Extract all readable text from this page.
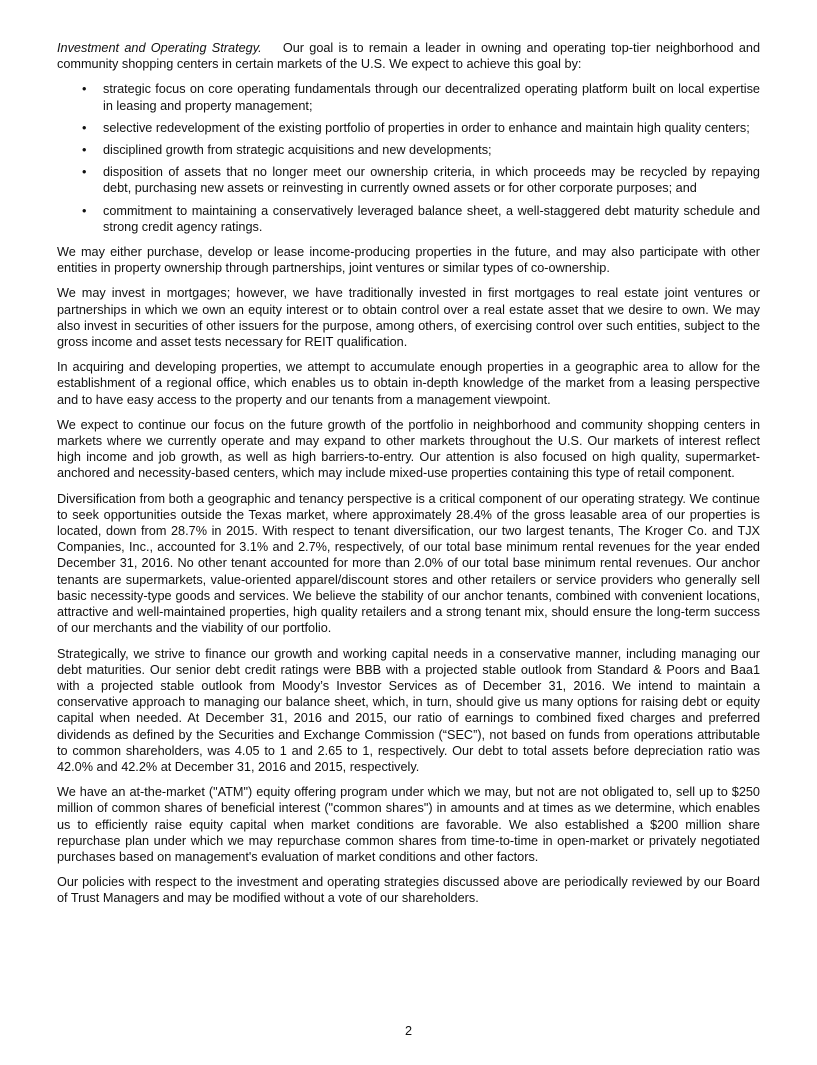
Investment and Operating Strategy. Our goal is to remain a leader in owning and operating top-tier neighborhood and community shopping centers in certain markets of the U.S. We expect to achieve this goal by:

• strategic focus on core operating fundamentals through our decentralized operating platform built on local expertise in leasing and property management;
• selective redevelopment of the existing portfolio of properties in order to enhance and maintain high quality centers;
• disciplined growth from strategic acquisitions and new developments;
• disposition of assets that no longer meet our ownership criteria, in which proceeds may be recycled by repaying debt, purchasing new assets or reinvesting in currently owned assets or for other corporate purposes; and
• commitment to maintaining a conservatively leveraged balance sheet, a well-staggered debt maturity schedule and strong credit agency ratings.

We may either purchase, develop or lease income-producing properties in the future, and may also participate with other entities in property ownership through partnerships, joint ventures or similar types of co-ownership.

We may invest in mortgages; however, we have traditionally invested in first mortgages to real estate joint ventures or partnerships in which we own an equity interest or to obtain control over a real estate asset that we desire to own. We may also invest in securities of other issuers for the purpose, among others, of exercising control over such entities, subject to the gross income and asset tests necessary for REIT qualification.

In acquiring and developing properties, we attempt to accumulate enough properties in a geographic area to allow for the establishment of a regional office, which enables us to obtain in-depth knowledge of the market from a leasing perspective and to have easy access to the property and our tenants from a management viewpoint.

We expect to continue our focus on the future growth of the portfolio in neighborhood and community shopping centers in markets where we currently operate and may expand to other markets throughout the U.S. Our markets of interest reflect high income and job growth, as well as high barriers-to-entry. Our attention is also focused on high quality, supermarket-anchored and necessity-based centers, which may include mixed-use properties containing this type of retail component.

Diversification from both a geographic and tenancy perspective is a critical component of our operating strategy. We continue to seek opportunities outside the Texas market, where approximately 28.4% of the gross leasable area of our properties is located, down from 28.7% in 2015. With respect to tenant diversification, our two largest tenants, The Kroger Co. and TJX Companies, Inc., accounted for 3.1% and 2.7%, respectively, of our total base minimum rental revenues for the year ended December 31, 2016. No other tenant accounted for more than 2.0% of our total base minimum rental revenues. Our anchor tenants are supermarkets, value-oriented apparel/discount stores and other retailers or service providers who generally sell basic necessity-type goods and services. We believe the stability of our anchor tenants, combined with convenient locations, attractive and well-maintained properties, high quality retailers and a strong tenant mix, should ensure the long-term success of our merchants and the viability of our portfolio.

Strategically, we strive to finance our growth and working capital needs in a conservative manner, including managing our debt maturities. Our senior debt credit ratings were BBB with a projected stable outlook from Standard & Poors and Baa1 with a projected stable outlook from Moody’s Investor Services as of December 31, 2016. We intend to maintain a conservative approach to managing our balance sheet, which, in turn, should give us many options for raising debt or equity capital when needed. At December 31, 2016 and 2015, our ratio of earnings to combined fixed charges and preferred dividends as defined by the Securities and Exchange Commission (“SEC”), not based on funds from operations attributable to common shareholders, was 4.05 to 1 and 2.65 to 1, respectively. Our debt to total assets before depreciation ratio was 42.0% and 42.2% at December 31, 2016 and 2015, respectively.

We have an at-the-market ("ATM") equity offering program under which we may, but not are not obligated to, sell up to $250 million of common shares of beneficial interest ("common shares") in amounts and at times as we determine, which enables us to efficiently raise equity capital when market conditions are favorable. We also established a $200 million share repurchase plan under which we may repurchase common shares from time-to-time in open-market or privately negotiated purchases based on management's evaluation of market conditions and other factors.

Our policies with respect to the investment and operating strategies discussed above are periodically reviewed by our Board of Trust Managers and may be modified without a vote of our shareholders.

2
